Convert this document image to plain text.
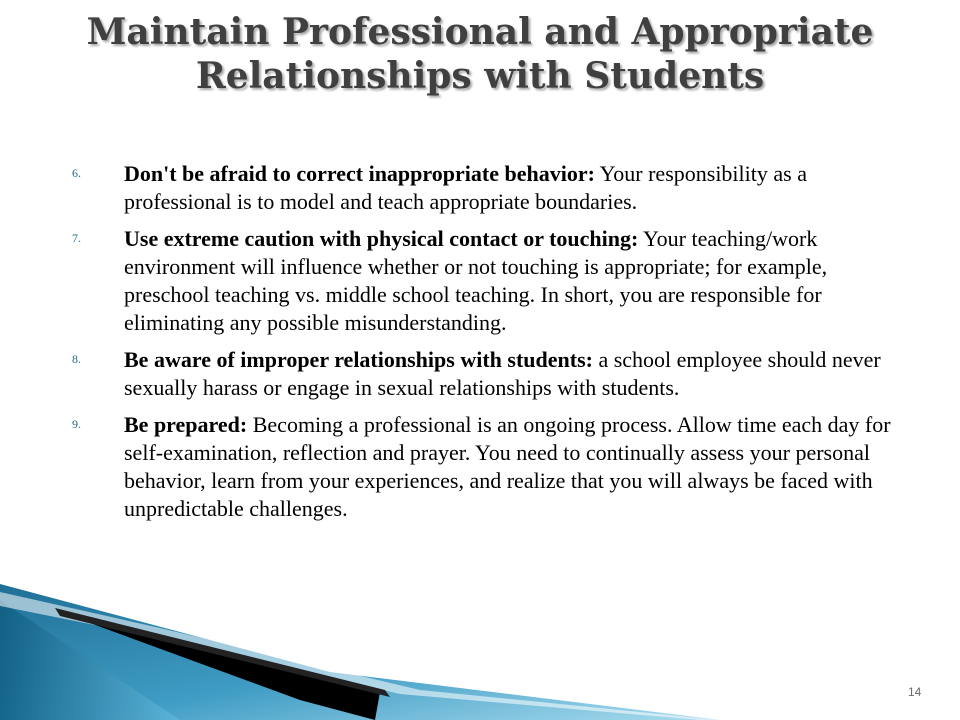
Maintain Professional and Appropriate
Relationships with Students
6. Don't be afraid to correct inappropriate behavior: Your responsibility as a professional is to model and teach appropriate boundaries.
7. Use extreme caution with physical contact or touching: Your teaching/work environment will influence whether or not touching is appropriate; for example, preschool teaching vs. middle school teaching. In short, you are responsible for eliminating any possible misunderstanding.
8. Be aware of improper relationships with students: a school employee should never sexually harass or engage in sexual relationships with students.
9. Be prepared: Becoming a professional is an ongoing process. Allow time each day for self-examination, reflection and prayer. You need to continually assess your personal behavior, learn from your experiences, and realize that you will always be faced with unpredictable challenges.
14
